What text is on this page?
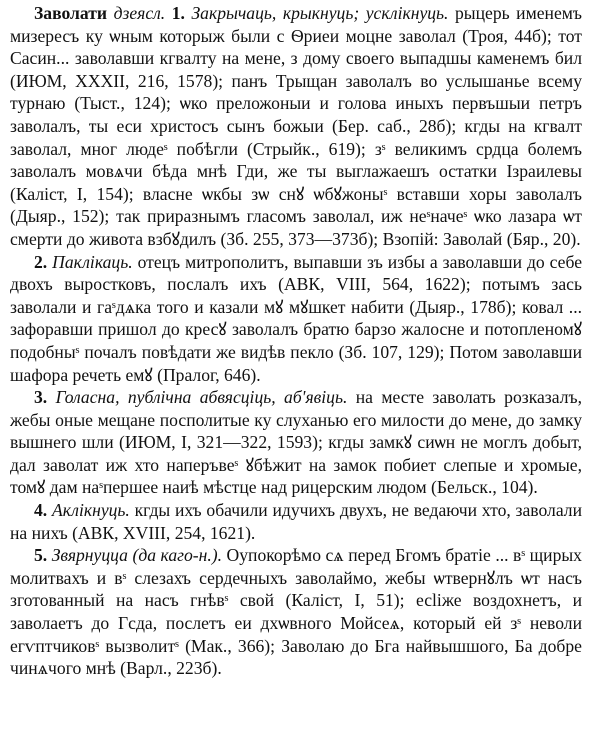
Заволати дзеясл. 1. Закрычаць, крыкнуць; усклікнуць. рыцерь именемъ мизересъ ку ѡным которыж были с Ѳриеи моцне заволал (Троя, 44б); тот Сасин... заволавши кгвалту на мене, з дому своего выпадшы каменемъ бил (ИЮМ, XXXII, 216, 1578); панъ Трыщан заволалъ во услышанье всему турнаю (Тыст., 124); ѡко преложоныи и голова иныхъ первъшыи петръ заволалъ, ты еси христосъ сынъ божыи (Бер. саб., 28б); кгды на кгвалт заволал, мног людеˢ побѣгли (Стрыйк., 619); зˢ великимъ срдца болемъ заволалъ мовѧчи бѣда мнѣ Гди, же ты выглажаешъ остатки Ізраилевы (Каліст, I, 154); власне ѡкбы зѡ снꙋ ѡбꙋжоныˢ вставши хоры заволалъ (Дыяр., 152); так приразнымъ гласомъ заволал, иж неˢначеˢ ѡко лазара ѡт смерти до живота взбꙋдилъ (Зб. 255, 373—373б); Взопій: Заволай (Бяр., 20).

2. Паклікаць. отецъ митрополитъ, выпавши зъ избы а заволавши до себе двохъ выростковъ, послалъ ихъ (АВК, VIII, 564, 1622); потымъ зась заволали и гаˢдѧка того и казали мꙋ мꙋшкет набити (Дыяр., 178б); ковал ... зафоравши пришол до кресꙋ заволалъ братю барзо жалосне и потопленомꙋ подобныˢ почалъ повѣдати же видѣв пекло (Зб. 107, 129); Потом заволавши шафора речеть емꙋ (Пралог, 646).

3. Голасна, публічна абвясціць, аб'явіць. на месте заволать розказалъ, жебы оные мещане посполитые ку слуханью его милости до мене, до замку вышнего шли (ИЮМ, I, 321—322, 1593); кгды замкꙋ сиѡн не моглъ добыт, дал заволат иж хто наперъвеˢ ꙋбѣжит на замок побиет слепые и хромые, томꙋ дам наˢпершее наиѣ мѣстце над рицерским людом (Бельск., 104).

4. Аклікнуць. кгды ихъ обачили идучихъ двухъ, не ведаючи хто, заволали на нихъ (АВК, XVIII, 254, 1621).

5. Звярнуцца (да каго-н.). Оупокорѣмо сѧ перед Бгомъ братіе ... вˢ щирых молитвахъ и вˢ слезахъ сердечныхъ заволаймо, жебы ѡтвернꙋлъ ѡт насъ зготованный на насъ гнѣвˢ свой (Каліст, I, 51); есliже воздохнетъ, и заволаетъ до Гсда, послетъ еи дхѡвного Мойсеѧ, который ей зˢ неволи егѵптчиковˢ вызволитˢ (Мак., 366); Заволаю до Бга найвышшого, Ба добре чинѧчого мнѣ (Варл., 223б).
